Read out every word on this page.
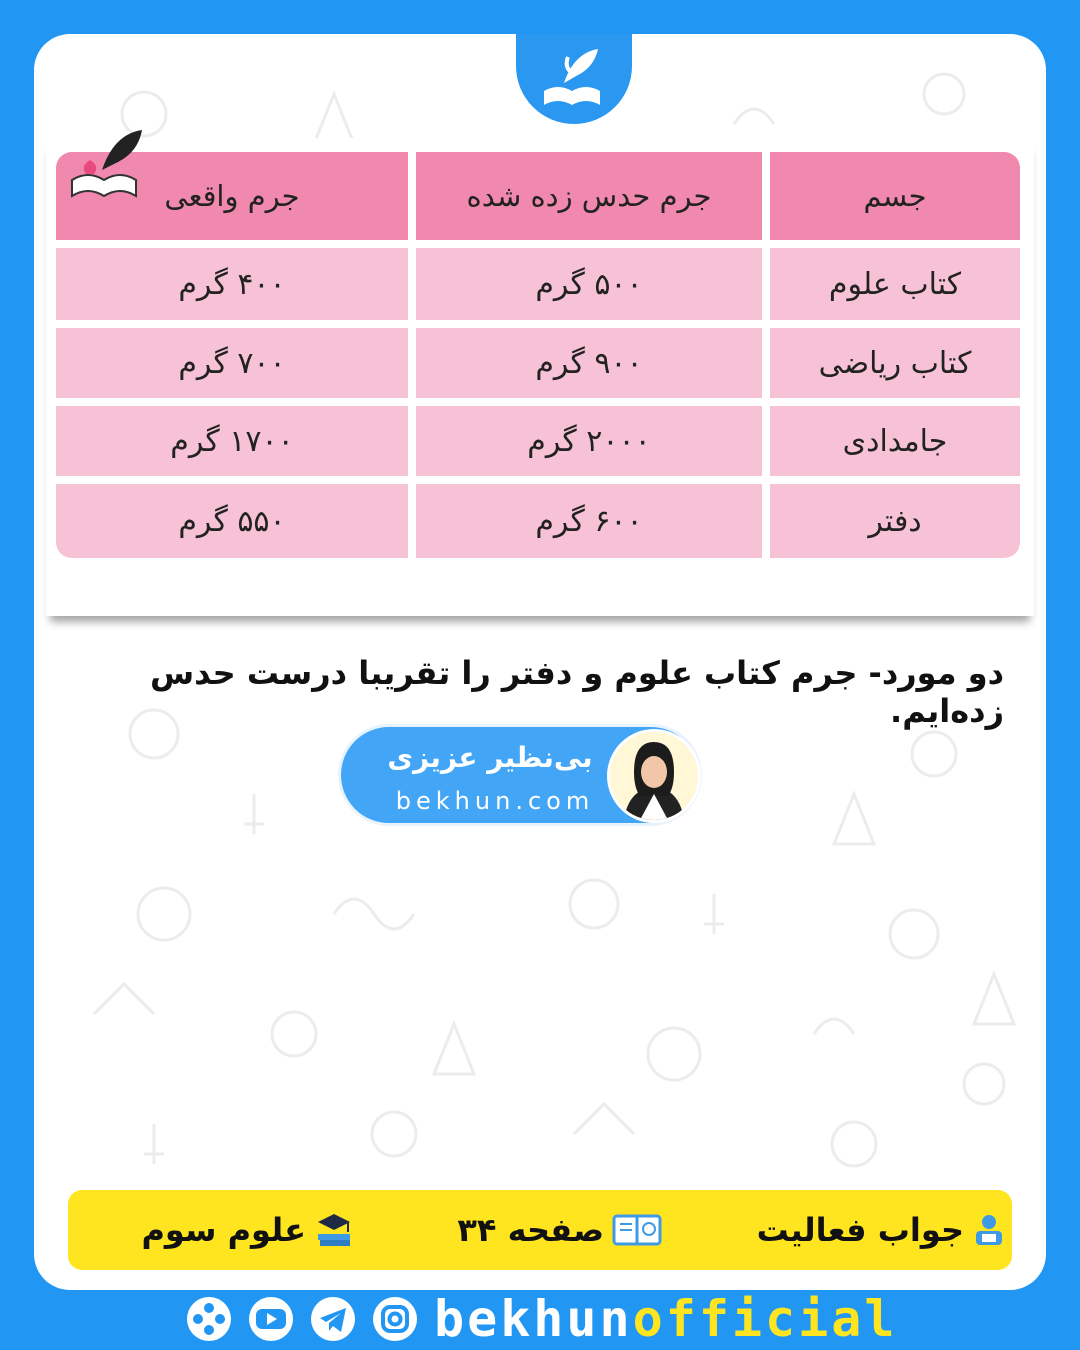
جسم
جرم حدس زده شده
جرم واقعی
کتاب علوم
۵۰۰ گرم
۴۰۰ گرم
کتاب ریاضی
۹۰۰ گرم
۷۰۰ گرم
جامدادی
۲۰۰۰ گرم
۱۷۰۰ گرم
دفتر
۶۰۰ گرم
۵۵۰ گرم
دو مورد- جرم کتاب علوم و دفتر را تقریبا درست حدس زده‌ایم.
بی‌نظیر عزیزی
bekhun.com
جواب فعالیت
صفحه ۳۴
علوم سوم
bekhunofficial
